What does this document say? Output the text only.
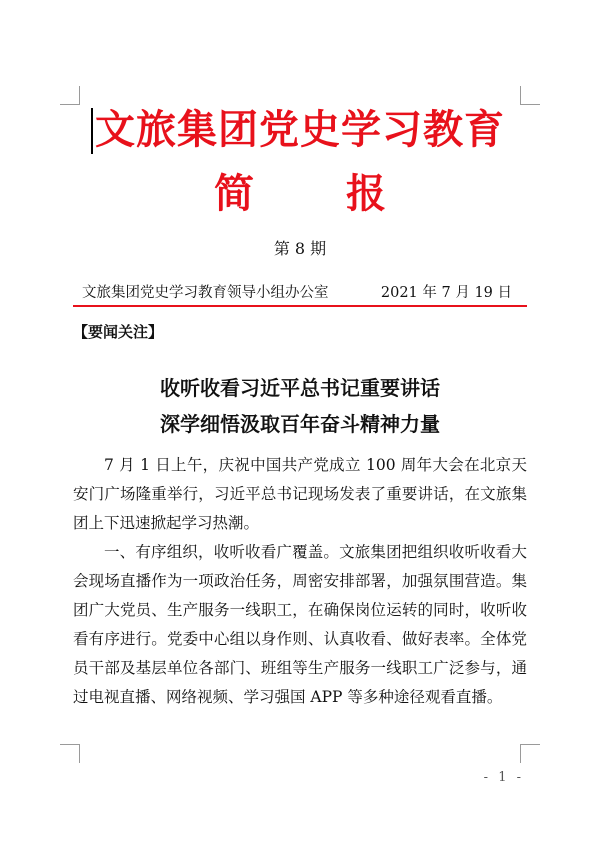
文旅集团党史学习教育
简 报
第 8 期
文旅集团党史学习教育领导小组办公室	2021 年 7 月 19 日
【要闻关注】
收听收看习近平总书记重要讲话
深学细悟汲取百年奋斗精神力量

7 月 1 日上午，庆祝中国共产党成立 100 周年大会在北京天安门广场隆重举行，习近平总书记现场发表了重要讲话，在文旅集团上下迅速掀起学习热潮。

一、有序组织，收听收看广覆盖。文旅集团把组织收听收看大会现场直播作为一项政治任务，周密安排部署，加强氛围营造。集团广大党员、生产服务一线职工，在确保岗位运转的同时，收听收看有序进行。党委中心组以身作则、认真收看、做好表率。全体党员干部及基层单位各部门、班组等生产服务一线职工广泛参与，通过电视直播、网络视频、学习强国 APP 等多种途径观看直播。

- 1 -
